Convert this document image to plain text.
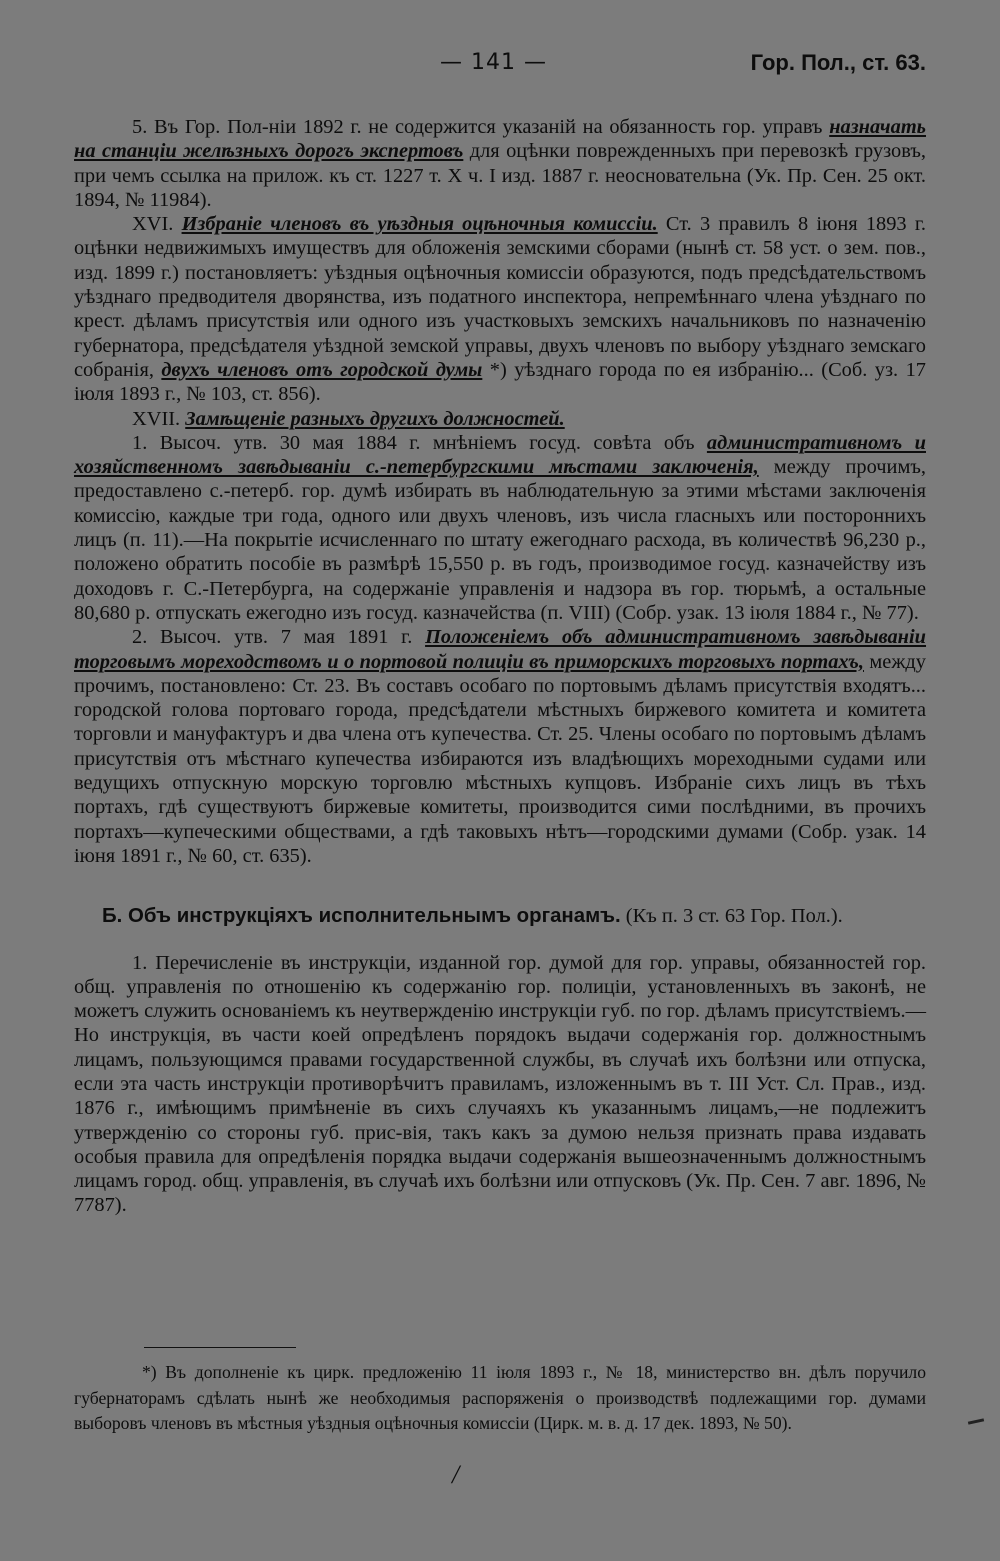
— 141 —	Гор. Пол., ст. 63.

5. Въ Гор. Пол-ніи 1892 г. не содержится указаній на обязанность гор. управъ назначать на станціи желѣзныхъ дорогъ экспертовъ для оцѣнки поврежденныхъ при перевозкѣ грузовъ, при чемъ ссылка на прилож. къ ст. 1227 т. X ч. I изд. 1887 г. неосновательна (Ук. Пр. Сен. 25 окт. 1894, № 11984).

XVI. Избраніе членовъ въ уѣздныя оцѣночныя комиссіи. Ст. 3 правилъ 8 іюня 1893 г. оцѣнки недвижимыхъ имуществъ для обложенія земскими сборами (нынѣ ст. 58 уст. о зем. пов., изд. 1899 г.) постановляетъ: уѣздныя оцѣночныя комиссіи образуются, подъ предсѣдательствомъ уѣзднаго предводителя дворянства, изъ податного инспектора, непремѣннаго члена уѣзднаго по крест. дѣламъ присутствія или одного изъ участковыхъ земскихъ начальниковъ по назначенію губернатора, предсѣдателя уѣздной земской управы, двухъ членовъ по выбору уѣзднаго земскаго собранія, двухъ членовъ отъ городской думы *) уѣзднаго города по ея избранію... (Соб. уз. 17 іюля 1893 г., № 103, ст. 856).

XVII. Замѣщеніе разныхъ другихъ должностей.

1. Высоч. утв. 30 мая 1884 г. мнѣніемъ госуд. совѣта объ административномъ и хозяйственномъ завѣдываніи с.-петербургскими мѣстами заключенія, между прочимъ, предоставлено с.-петерб. гор. думѣ избирать въ наблюдательную за этими мѣстами заключенія комиссію, каждые три года, одного или двухъ членовъ, изъ числа гласныхъ или постороннихъ лицъ (п. 11).—На покрытіе исчисленнаго по штату ежегоднаго расхода, въ количествѣ 96,230 р., положено обратить пособіе въ размѣрѣ 15,550 р. въ годъ, производимое госуд. казначейству изъ доходовъ г. С.-Петербурга, на содержаніе управленія и надзора въ гор. тюрьмѣ, а остальные 80,680 р. отпускать ежегодно изъ госуд. казначейства (п. VIII) (Собр. узак. 13 іюля 1884 г., № 77).

2. Высоч. утв. 7 мая 1891 г. Положеніемъ объ административномъ завѣдываніи торговымъ мореходствомъ и о портовой полиціи въ приморскихъ торговыхъ портахъ, между прочимъ, постановлено: Ст. 23. Въ составъ особаго по портовымъ дѣламъ присутствія входятъ... городской голова портоваго города, предсѣдатели мѣстныхъ биржевого комитета и комитета торговли и мануфактуръ и два члена отъ купечества. Ст. 25. Члены особаго по портовымъ дѣламъ присутствія отъ мѣстнаго купечества избираются изъ владѣющихъ мореходными судами или ведущихъ отпускную морскую торговлю мѣстныхъ купцовъ. Избраніе сихъ лицъ въ тѣхъ портахъ, гдѣ существуютъ биржевые комитеты, производится сими послѣдними, въ прочихъ портахъ—купеческими обществами, а гдѣ таковыхъ нѣтъ—городскими думами (Собр. узак. 14 іюня 1891 г., № 60, ст. 635).

Б. Объ инструкціяхъ исполнительнымъ органамъ. (Къ п. 3 ст. 63 Гор. Пол.).

1. Перечисленіе въ инструкціи, изданной гор. думой для гор. управы, обязанностей гор. общ. управленія по отношенію къ содержанію гор. полиціи, установленныхъ въ законѣ, не можетъ служить основаніемъ къ неутвержденію инструкціи губ. по гор. дѣламъ присутствіемъ.—Но инструкція, въ части коей опредѣленъ порядокъ выдачи содержанія гор. должностнымъ лицамъ, пользующимся правами государственной службы, въ случаѣ ихъ болѣзни или отпуска, если эта часть инструкціи противорѣчитъ правиламъ, изложеннымъ въ т. III Уст. Сл. Прав., изд. 1876 г., имѣющимъ примѣненіе въ сихъ случаяхъ къ указаннымъ лицамъ,—не подлежитъ утвержденію со стороны губ. прис-вія, такъ какъ за думою нельзя признать права издавать особыя правила для опредѣленія порядка выдачи содержанія вышеозначеннымъ должностнымъ лицамъ город. общ. управленія, въ случаѣ ихъ болѣзни или отпусковъ (Ук. Пр. Сен. 7 авг. 1896, № 7787).

*) Въ дополненіе къ цирк. предложенію 11 іюля 1893 г., № 18, министерство вн. дѣлъ поручило губернаторамъ сдѣлать нынѣ же необходимыя распоряженія о производствѣ подлежащими гор. думами выборовъ членовъ въ мѣстныя уѣздныя оцѣночныя комиссіи (Цирк. м. в. д. 17 дек. 1893, № 50).

/
